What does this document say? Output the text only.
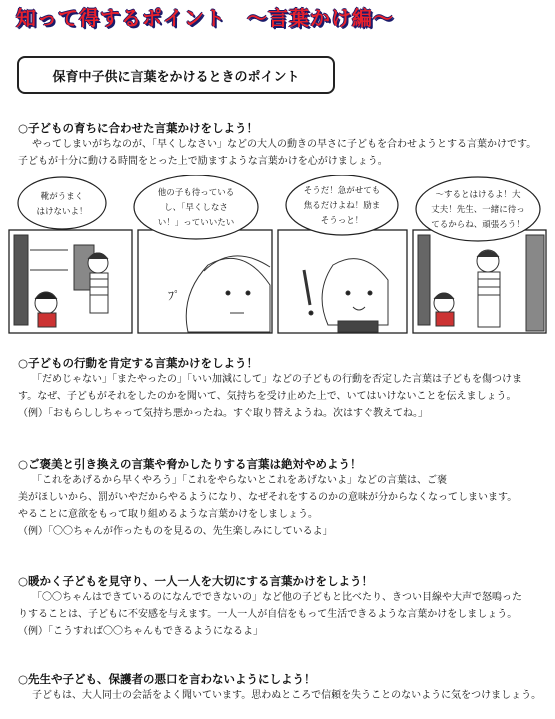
知って得するポイント　～言葉かけ編～
保育中子供に言葉をかけるときのポイント
○子どもの育ちに合わせた言葉かけをしよう！
やってしまいがちなのが、「早くしなさい」などの大人の動きの早さに子どもを合わせようとする言葉かけです。
子どもが十分に動ける時間をとった上で励ますような言葉かけを心がけましょう。
ﾌﾟ
靴がうまく
はけないよ！
他の子も待っている
し、「早くしなさ
い！」っていいたい
そうだ！急がせても
焦るだけよね！励ま
そうっと！
～するとはけるよ！大
丈夫！先生、一緒に待っ
てるからね、頑張ろう！
○子どもの行動を肯定する言葉かけをしよう！
「だめじゃない」「またやったの」「いい加減にして」などの子どもの行動を否定した言葉は子どもを傷つけま
す。なぜ、子どもがそれをしたのかを聞いて、気持ちを受け止めた上で、いてはいけないことを伝えましょう。
（例）「おもらししちゃって気持ち悪かったね。すぐ取り替えようね。次はすぐ教えてね。」
○ご褒美と引き換えの言葉や脅かしたりする言葉は絶対やめよう！
「これをあげるから早くやろう」「これをやらないとこれをあげないよ」などの言葉は、ご褒
美がほしいから、罰がいやだからやるようになり、なぜそれをするのかの意味が分からなくなってしまいます。
やることに意欲をもって取り組めるような言葉かけをしましょう。
（例）「〇〇ちゃんが作ったものを見るの、先生楽しみにしているよ」
○暖かく子どもを見守り、一人一人を大切にする言葉かけをしよう！
「〇〇ちゃんはできているのになんでできないの」など他の子どもと比べたり、きつい目線や大声で怒鳴った
りすることは、子どもに不安感を与えます。一人一人が自信をもって生活できるような言葉かけをしましょう。
（例）「こうすれば〇〇ちゃんもできるようになるよ」
○先生や子ども、保護者の悪口を言わないようにしよう！
子どもは、大人同士の会話をよく聞いています。思わぬところで信頼を失うことのないように気をつけましょう。
